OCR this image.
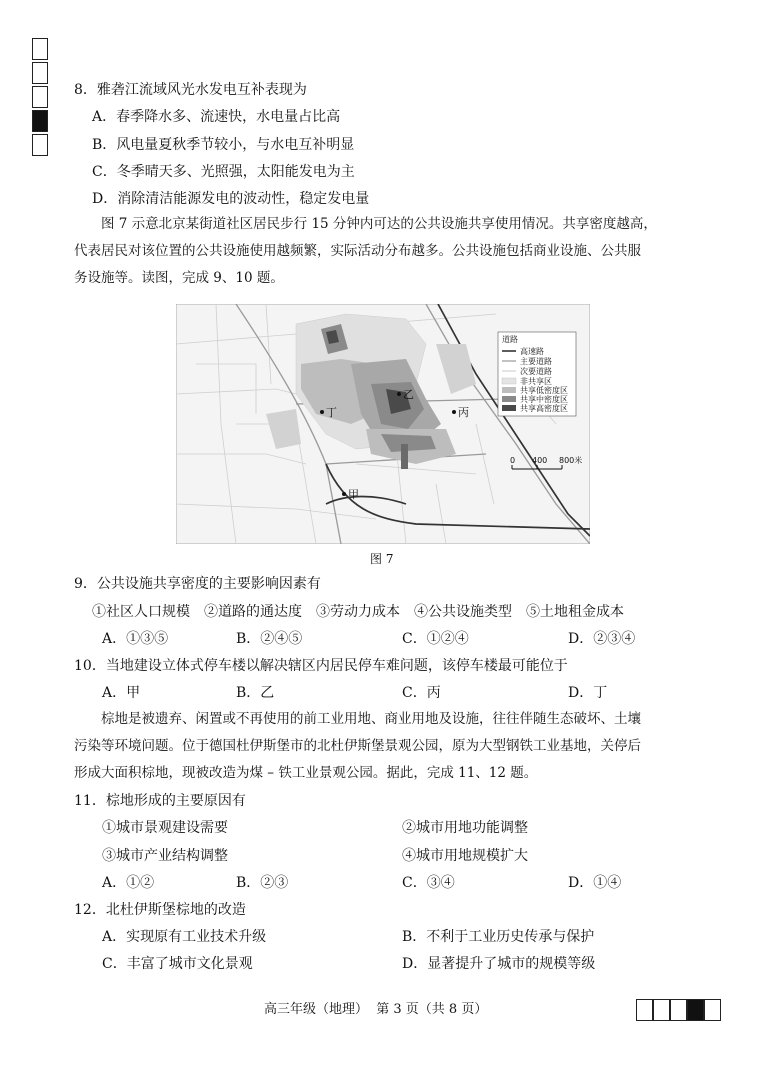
8．雅砻江流域风光水发电互补表现为
A．春季降水多、流速快，水电量占比高
B．风电量夏秋季节较小，与水电互补明显
C．冬季晴天多、光照强，太阳能发电为主
D．消除清洁能源发电的波动性，稳定发电量
图 7 示意北京某街道社区居民步行 15 分钟内可达的公共设施共享使用情况。共享密度越高，
代表居民对该位置的公共设施使用越频繁，实际活动分布越多。公共设施包括商业设施、公共服
务设施等。读图，完成 9、10 题。
乙
丁	丙
甲
道路
高速路
主要道路
次要道路
非共享区
共享低密度区
共享中密度区
共享高密度区
0 400 800米
图 7
9．公共设施共享密度的主要影响因素有
①社区人口规模　②道路的通达度　③劳动力成本　④公共设施类型　⑤土地租金成本
A．①③⑤	B．②④⑤	C．①②④	D．②③④
10．当地建设立体式停车楼以解决辖区内居民停车难问题，该停车楼最可能位于
A．甲	B．乙	C．丙	D．丁
棕地是被遗弃、闲置或不再使用的前工业用地、商业用地及设施，往往伴随生态破坏、土壤
污染等环境问题。位于德国杜伊斯堡市的北杜伊斯堡景观公园，原为大型钢铁工业基地，关停后
形成大面积棕地，现被改造为煤 – 铁工业景观公园。据此，完成 11、12 题。
11．棕地形成的主要原因有
①城市景观建设需要	②城市用地功能调整
③城市产业结构调整	④城市用地规模扩大
A．①②	B．②③	C．③④	D．①④
12．北杜伊斯堡棕地的改造
A．实现原有工业技术升级	B．不利于工业历史传承与保护
C．丰富了城市文化景观	D．显著提升了城市的规模等级
高三年级（地理）  第 3 页（共 8 页）
